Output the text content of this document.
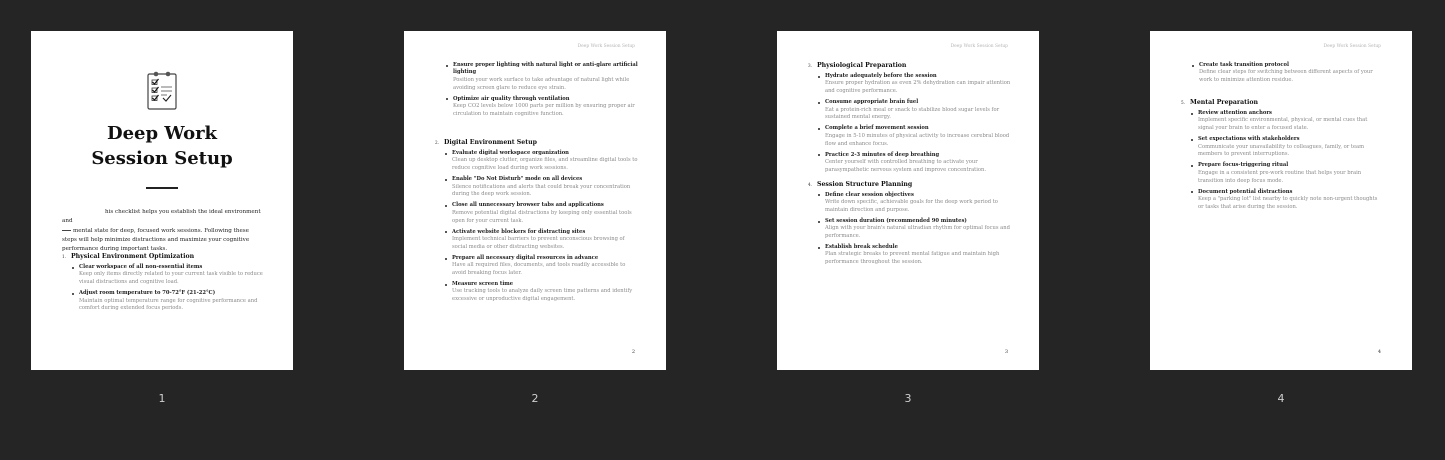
Deep Work
Session Setup
his checklist helps you establish the ideal environment and
mental state for deep, focused work sessions. Following these
steps will help minimize distractions and maximize your cognitive
performance during important tasks.
1. Physical Environment Optimization
Clear workspace of all non-essential items
Keep only items directly related to your current task visible to reduce visual distractions and cognitive load.
Adjust room temperature to 70-72°F (21-22°C)
Maintain optimal temperature range for cognitive performance and comfort during extended focus periods.
1
Deep Work Session Setup
Ensure proper lighting with natural light or anti-glare artificial lighting
Position your work surface to take advantage of natural light while avoiding screen glare to reduce eye strain.
Optimize air quality through ventilation
Keep CO2 levels below 1000 parts per million by ensuring proper air circulation to maintain cognitive function.
2. Digital Environment Setup
Evaluate digital workspace organization
Clean up desktop clutter, organize files, and streamline digital tools to reduce cognitive load during work sessions.
Enable "Do Not Disturb" mode on all devices
Silence notifications and alerts that could break your concentration during the deep work session.
Close all unnecessary browser tabs and applications
Remove potential digital distractions by keeping only essential tools open for your current task.
Activate website blockers for distracting sites
Implement technical barriers to prevent unconscious browsing of social media or other distracting websites.
Prepare all necessary digital resources in advance
Have all required files, documents, and tools readily accessible to avoid breaking focus later.
Measure screen time
Use tracking tools to analyze daily screen time patterns and identify excessive or unproductive digital engagement.
2
2
Deep Work Session Setup
3. Physiological Preparation
Hydrate adequately before the session
Ensure proper hydration as even 2% dehydration can impair attention and cognitive performance.
Consume appropriate brain fuel
Eat a protein-rich meal or snack to stabilize blood sugar levels for sustained mental energy.
Complete a brief movement session
Engage in 5-10 minutes of physical activity to increase cerebral blood flow and enhance focus.
Practice 2-3 minutes of deep breathing
Center yourself with controlled breathing to activate your parasympathetic nervous system and improve concentration.
4. Session Structure Planning
Define clear session objectives
Write down specific, achievable goals for the deep work period to maintain direction and purpose.
Set session duration (recommended 90 minutes)
Align with your brain's natural ultradian rhythm for optimal focus and performance.
Establish break schedule
Plan strategic breaks to prevent mental fatigue and maintain high performance throughout the session.
3
3
Deep Work Session Setup
Create task transition protocol
Define clear steps for switching between different aspects of your work to minimize attention residue.
5. Mental Preparation
Review attention anchors
Implement specific environmental, physical, or mental cues that signal your brain to enter a focused state.
Set expectations with stakeholders
Communicate your unavailability to colleagues, family, or team members to prevent interruptions.
Prepare focus-triggering ritual
Engage in a consistent pre-work routine that helps your brain transition into deep focus mode.
Document potential distractions
Keep a "parking lot" list nearby to quickly note non-urgent thoughts or tasks that arise during the session.
4
4
